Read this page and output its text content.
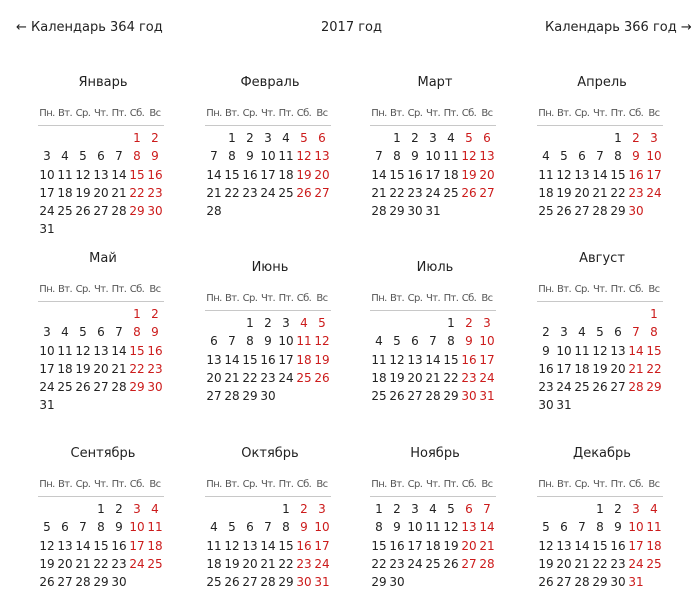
← Календарь 364 год	2017 год	Календарь 366 год →
Январь
Пн. Вт. Ср. Чт. Пт. Сб. Вс
1 2
3 4 5 6 7 8 9
10 11 12 13 14 15 16
17 18 19 20 21 22 23
24 25 26 27 28 29 30
31
Февраль
Пн. Вт. Ср. Чт. Пт. Сб. Вс
1 2 3 4 5 6
7 8 9 10 11 12 13
14 15 16 17 18 19 20
21 22 23 24 25 26 27
28
Март
Пн. Вт. Ср. Чт. Пт. Сб. Вс
1 2 3 4 5 6
7 8 9 10 11 12 13
14 15 16 17 18 19 20
21 22 23 24 25 26 27
28 29 30 31
Апрель
Пн. Вт. Ср. Чт. Пт. Сб. Вс
1 2 3
4 5 6 7 8 9 10
11 12 13 14 15 16 17
18 19 20 21 22 23 24
25 26 27 28 29 30
Май
Пн. Вт. Ср. Чт. Пт. Сб. Вс
1 2
3 4 5 6 7 8 9
10 11 12 13 14 15 16
17 18 19 20 21 22 23
24 25 26 27 28 29 30
31
Июнь
Пн. Вт. Ср. Чт. Пт. Сб. Вс
1 2 3 4 5
6 7 8 9 10 11 12
13 14 15 16 17 18 19
20 21 22 23 24 25 26
27 28 29 30
Июль
Пн. Вт. Ср. Чт. Пт. Сб. Вс
1 2 3
4 5 6 7 8 9 10
11 12 13 14 15 16 17
18 19 20 21 22 23 24
25 26 27 28 29 30 31
Август
Пн. Вт. Ср. Чт. Пт. Сб. Вс
1
2 3 4 5 6 7 8
9 10 11 12 13 14 15
16 17 18 19 20 21 22
23 24 25 26 27 28 29
30 31
Сентябрь
Пн. Вт. Ср. Чт. Пт. Сб. Вс
1 2 3 4
5 6 7 8 9 10 11
12 13 14 15 16 17 18
19 20 21 22 23 24 25
26 27 28 29 30
Октябрь
Пн. Вт. Ср. Чт. Пт. Сб. Вс
1 2 3
4 5 6 7 8 9 10
11 12 13 14 15 16 17
18 19 20 21 22 23 24
25 26 27 28 29 30 31
Ноябрь
Пн. Вт. Ср. Чт. Пт. Сб. Вс
1 2 3 4 5 6 7
8 9 10 11 12 13 14
15 16 17 18 19 20 21
22 23 24 25 26 27 28
29 30
Декабрь
Пн. Вт. Ср. Чт. Пт. Сб. Вс
1 2 3 4
5 6 7 8 9 10 11
12 13 14 15 16 17 18
19 20 21 22 23 24 25
26 27 28 29 30 31
